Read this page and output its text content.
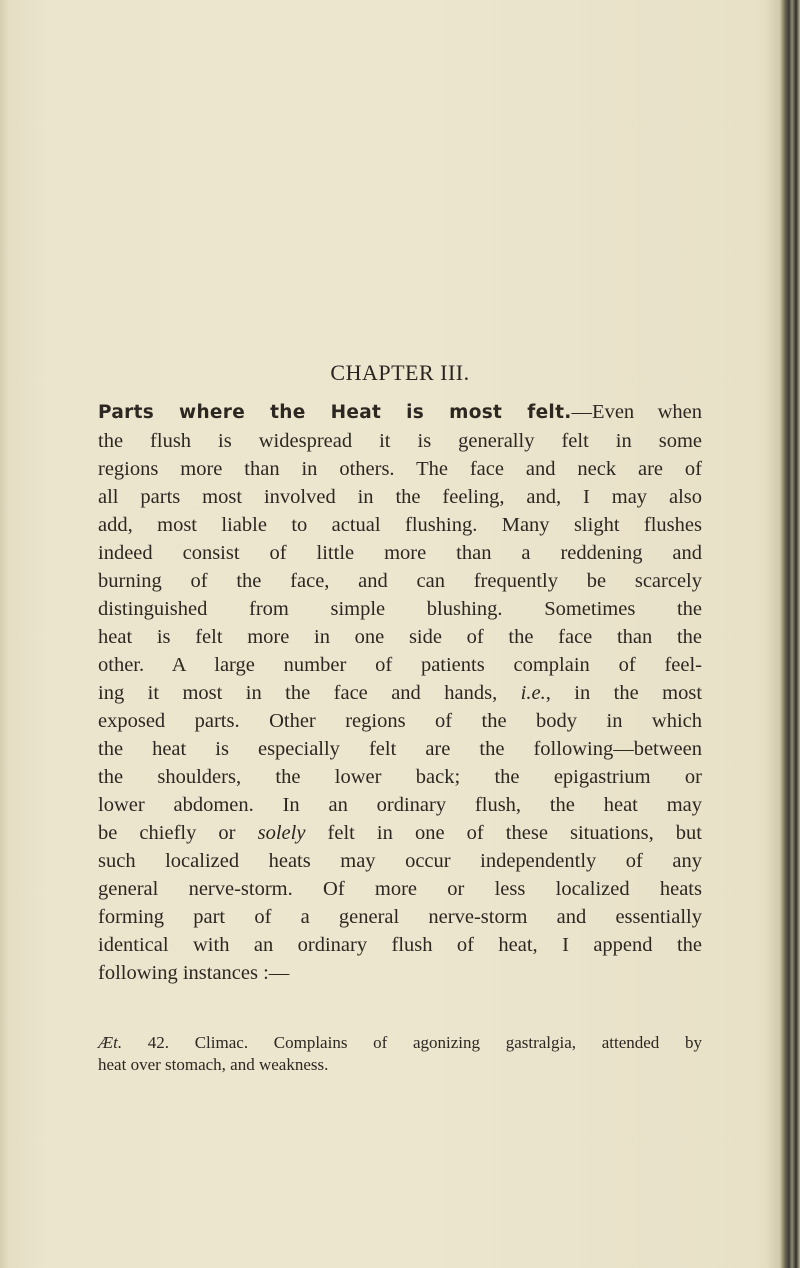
CHAPTER III.
Parts where the Heat is most felt.—Even when
the flush is widespread it is generally felt in some
regions more than in others. The face and neck are of
all parts most involved in the feeling, and, I may also
add, most liable to actual flushing. Many slight flushes
indeed consist of little more than a reddening and
burning of the face, and can frequently be scarcely
distinguished from simple blushing. Sometimes the
heat is felt more in one side of the face than the
other. A large number of patients complain of feel-
ing it most in the face and hands, i.e., in the most
exposed parts. Other regions of the body in which
the heat is especially felt are the following—between
the shoulders, the lower back; the epigastrium or
lower abdomen. In an ordinary flush, the heat may
be chiefly or solely felt in one of these situations, but
such localized heats may occur independently of any
general nerve-storm. Of more or less localized heats
forming part of a general nerve-storm and essentially
identical with an ordinary flush of heat, I append the
following instances :—
Æt. 42. Climac. Complains of agonizing gastralgia, attended by
heat over stomach, and weakness.
